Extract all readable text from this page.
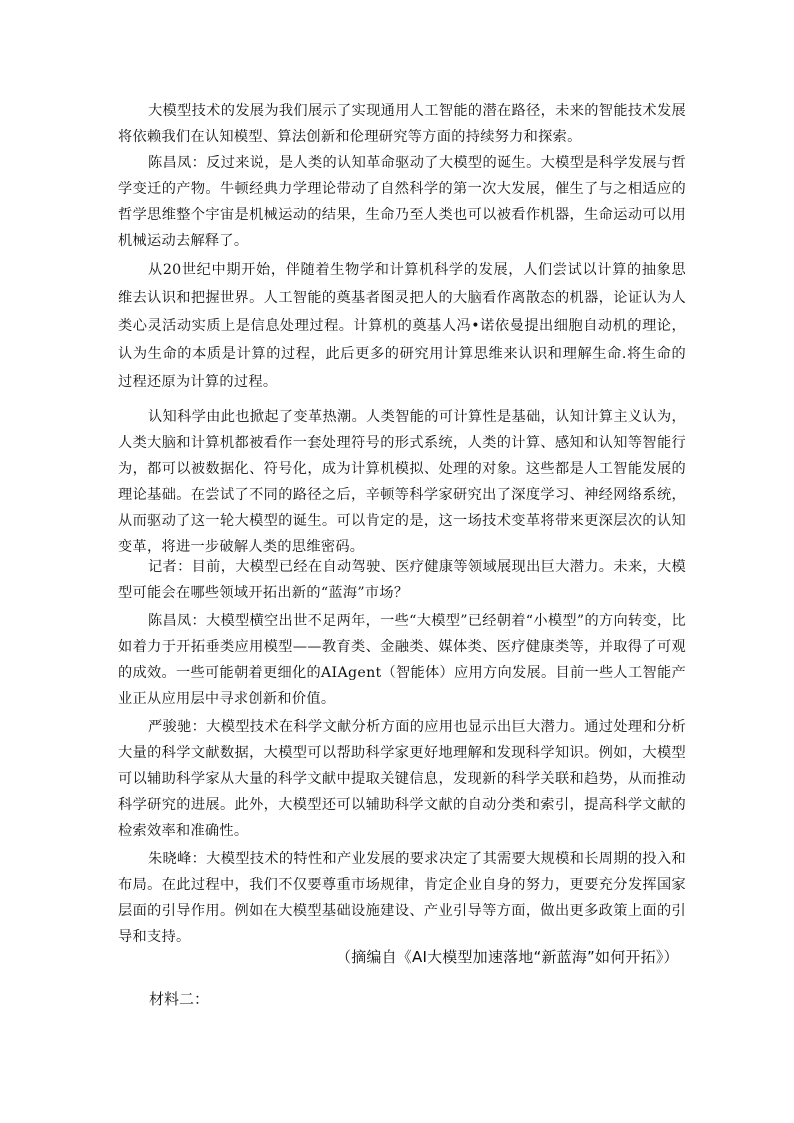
大模型技术的发展为我们展示了实现通用人工智能的潜在路径，未来的智能技术发展将依赖我们在认知模型、算法创新和伦理研究等方面的持续努力和探索。

陈昌凤：反过来说，是人类的认知革命驱动了大模型的诞生。大模型是科学发展与哲学变迁的产物。牛顿经典力学理论带动了自然科学的第一次大发展，催生了与之相适应的哲学思维整个宇宙是机械运动的结果，生命乃至人类也可以被看作机器，生命运动可以用机械运动去解释了。

从20世纪中期开始，伴随着生物学和计算机科学的发展，人们尝试以计算的抽象思维去认识和把握世界。人工智能的奠基者图灵把人的大脑看作离散态的机器，论证认为人类心灵活动实质上是信息处理过程。计算机的奠基人冯•诺依曼提出细胞自动机的理论，认为生命的本质是计算的过程，此后更多的研究用计算思维来认识和理解生命.将生命的过程还原为计算的过程。

认知科学由此也掀起了变革热潮。人类智能的可计算性是基础，认知计算主义认为，人类大脑和计算机都被看作一套处理符号的形式系统，人类的计算、感知和认知等智能行为，都可以被数据化、符号化，成为计算机模拟、处理的对象。这些都是人工智能发展的理论基础。在尝试了不同的路径之后，辛顿等科学家研究出了深度学习、神经网络系统，从而驱动了这一轮大模型的诞生。可以肯定的是，这一场技术变革将带来更深层次的认知变革，将进一步破解人类的思维密码。

记者：目前，大模型已经在自动驾驶、医疗健康等领域展现出巨大潜力。未来，大模型可能会在哪些领域开拓出新的“蓝海”市场？

陈昌凤：大模型横空出世不足两年，一些“大模型”已经朝着“小模型”的方向转变，比如着力于开拓垂类应用模型——教育类、金融类、媒体类、医疗健康类等，并取得了可观的成效。一些可能朝着更细化的AIAgent（智能体）应用方向发展。目前一些人工智能产业正从应用层中寻求创新和价值。

严骏驰：大模型技术在科学文献分析方面的应用也显示出巨大潜力。通过处理和分析大量的科学文献数据，大模型可以帮助科学家更好地理解和发现科学知识。例如，大模型可以辅助科学家从大量的科学文献中提取关键信息，发现新的科学关联和趋势，从而推动科学研究的进展。此外，大模型还可以辅助科学文献的自动分类和索引，提高科学文献的检索效率和准确性。

朱晓峰：大模型技术的特性和产业发展的要求决定了其需要大规模和长周期的投入和布局。在此过程中，我们不仅要尊重市场规律，肯定企业自身的努力，更要充分发挥国家层面的引导作用。例如在大模型基础设施建设、产业引导等方面，做出更多政策上面的引导和支持。

（摘编自《AI大模型加速落地“新蓝海”如何开拓》）
材料二：
